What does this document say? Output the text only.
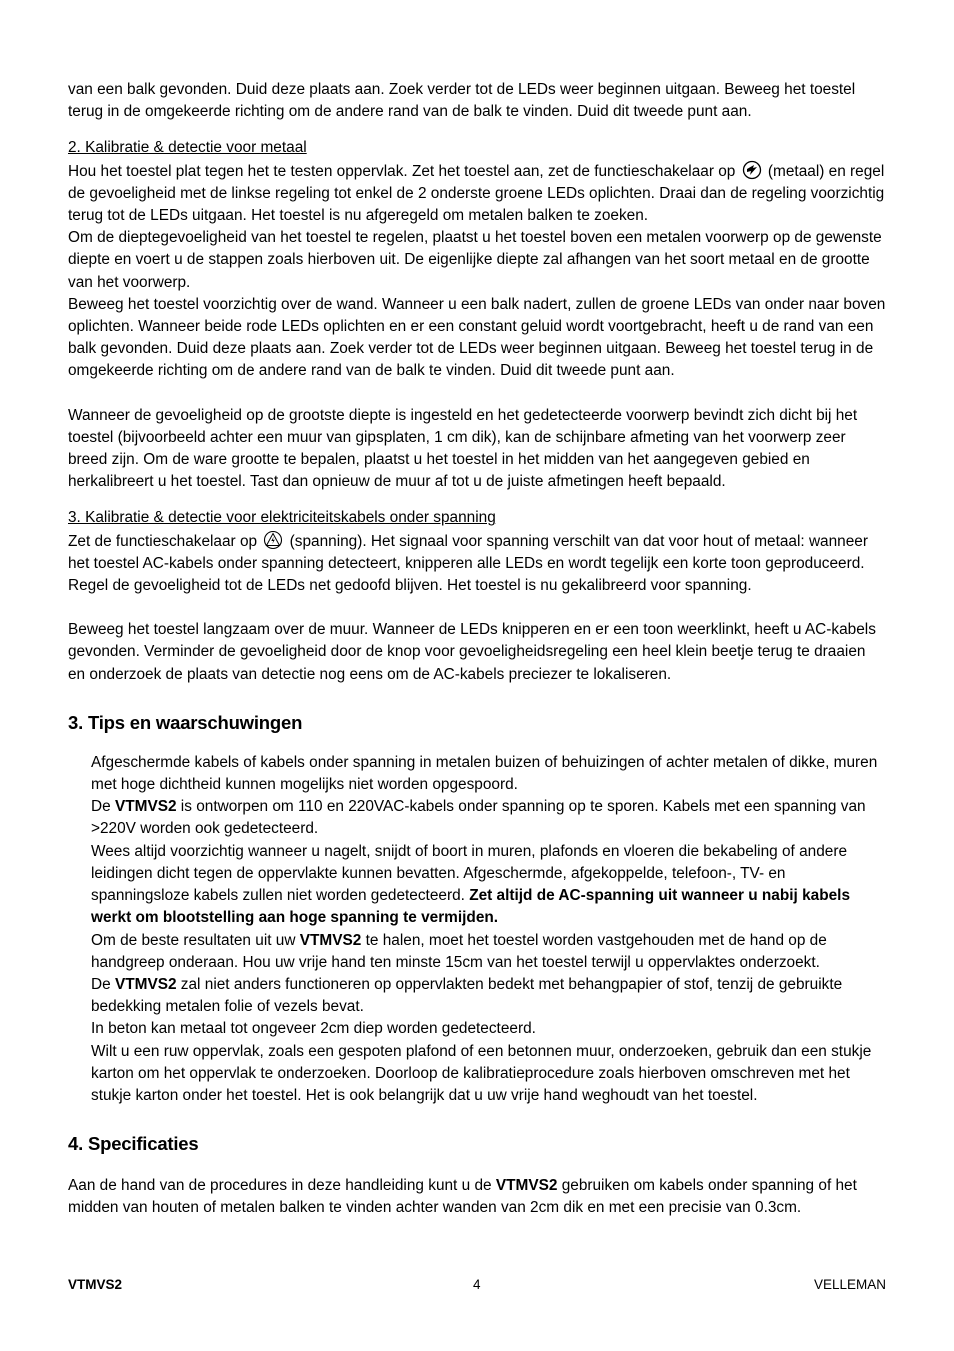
van een balk gevonden. Duid deze plaats aan. Zoek verder tot de LEDs weer beginnen uitgaan. Beweeg het toestel terug in de omgekeerde richting om de andere rand van de balk te vinden. Duid dit tweede punt aan.

2. Kalibratie & detectie voor metaal

Hou het toestel plat tegen het te testen oppervlak. Zet het toestel aan, zet de functieschakelaar op (metaal) en regel de gevoeligheid met de linkse regeling tot enkel de 2 onderste groene LEDs oplichten. Draai dan de regeling voorzichtig terug tot de LEDs uitgaan. Het toestel is nu afgeregeld om metalen balken te zoeken.

Om de dieptegevoeligheid van het toestel te regelen, plaatst u het toestel boven een metalen voorwerp op de gewenste diepte en voert u de stappen zoals hierboven uit. De eigenlijke diepte zal afhangen van het soort metaal en de grootte van het voorwerp.

Beweeg het toestel voorzichtig over de wand. Wanneer u een balk nadert, zullen de groene LEDs van onder naar boven oplichten. Wanneer beide rode LEDs oplichten en er een constant geluid wordt voortgebracht, heeft u de rand van een balk gevonden. Duid deze plaats aan. Zoek verder tot de LEDs weer beginnen uitgaan. Beweeg het toestel terug in de omgekeerde richting om de andere rand van de balk te vinden. Duid dit tweede punt aan.

Wanneer de gevoeligheid op de grootste diepte is ingesteld en het gedetecteerde voorwerp bevindt zich dicht bij het toestel (bijvoorbeeld achter een muur van gipsplaten, 1 cm dik), kan de schijnbare afmeting van het voorwerp zeer breed zijn. Om de ware grootte te bepalen, plaatst u het toestel in het midden van het aangegeven gebied en herkalibreert u het toestel. Tast dan opnieuw de muur af tot u de juiste afmetingen heeft bepaald.

3. Kalibratie & detectie voor elektriciteitskabels onder spanning

Zet de functieschakelaar op (spanning). Het signaal voor spanning verschilt van dat voor hout of metaal: wanneer het toestel AC-kabels onder spanning detecteert, knipperen alle LEDs en wordt tegelijk een korte toon geproduceerd. Regel de gevoeligheid tot de LEDs net gedoofd blijven. Het toestel is nu gekalibreerd voor spanning.

Beweeg het toestel langzaam over de muur. Wanneer de LEDs knipperen en er een toon weerklinkt, heeft u AC-kabels gevonden. Verminder de gevoeligheid door de knop voor gevoeligheidsregeling een heel klein beetje terug te draaien en onderzoek de plaats van detectie nog eens om de AC-kabels preciezer te lokaliseren.

3. Tips en waarschuwingen

Afgeschermde kabels of kabels onder spanning in metalen buizen of behuizingen of achter metalen of dikke, muren met hoge dichtheid kunnen mogelijks niet worden opgespoord.

De VTMVS2 is ontworpen om 110 en 220VAC-kabels onder spanning op te sporen. Kabels met een spanning van >220V worden ook gedetecteerd.

Wees altijd voorzichtig wanneer u nagelt, snijdt of boort in muren, plafonds en vloeren die bekabeling of andere leidingen dicht tegen de oppervlakte kunnen bevatten. Afgeschermde, afgekoppelde, telefoon-, TV- en spanningsloze kabels zullen niet worden gedetecteerd. Zet altijd de AC-spanning uit wanneer u nabij kabels werkt om blootstelling aan hoge spanning te vermijden.

Om de beste resultaten uit uw VTMVS2 te halen, moet het toestel worden vastgehouden met de hand op de handgreep onderaan. Hou uw vrije hand ten minste 15cm van het toestel terwijl u oppervlaktes onderzoekt.

De VTMVS2 zal niet anders functioneren op oppervlakten bedekt met behangpapier of stof, tenzij de gebruikte bedekking metalen folie of vezels bevat.

In beton kan metaal tot ongeveer 2cm diep worden gedetecteerd.

Wilt u een ruw oppervlak, zoals een gespoten plafond of een betonnen muur, onderzoeken, gebruik dan een stukje karton om het oppervlak te onderzoeken. Doorloop de kalibratieprocedure zoals hierboven omschreven met het stukje karton onder het toestel. Het is ook belangrijk dat u uw vrije hand weghoudt van het toestel.

4. Specificaties

Aan de hand van de procedures in deze handleiding kunt u de VTMVS2 gebruiken om kabels onder spanning of het midden van houten of metalen balken te vinden achter wanden van 2cm dik en met een precisie van 0.3cm.

VTMVS2	4	VELLEMAN
